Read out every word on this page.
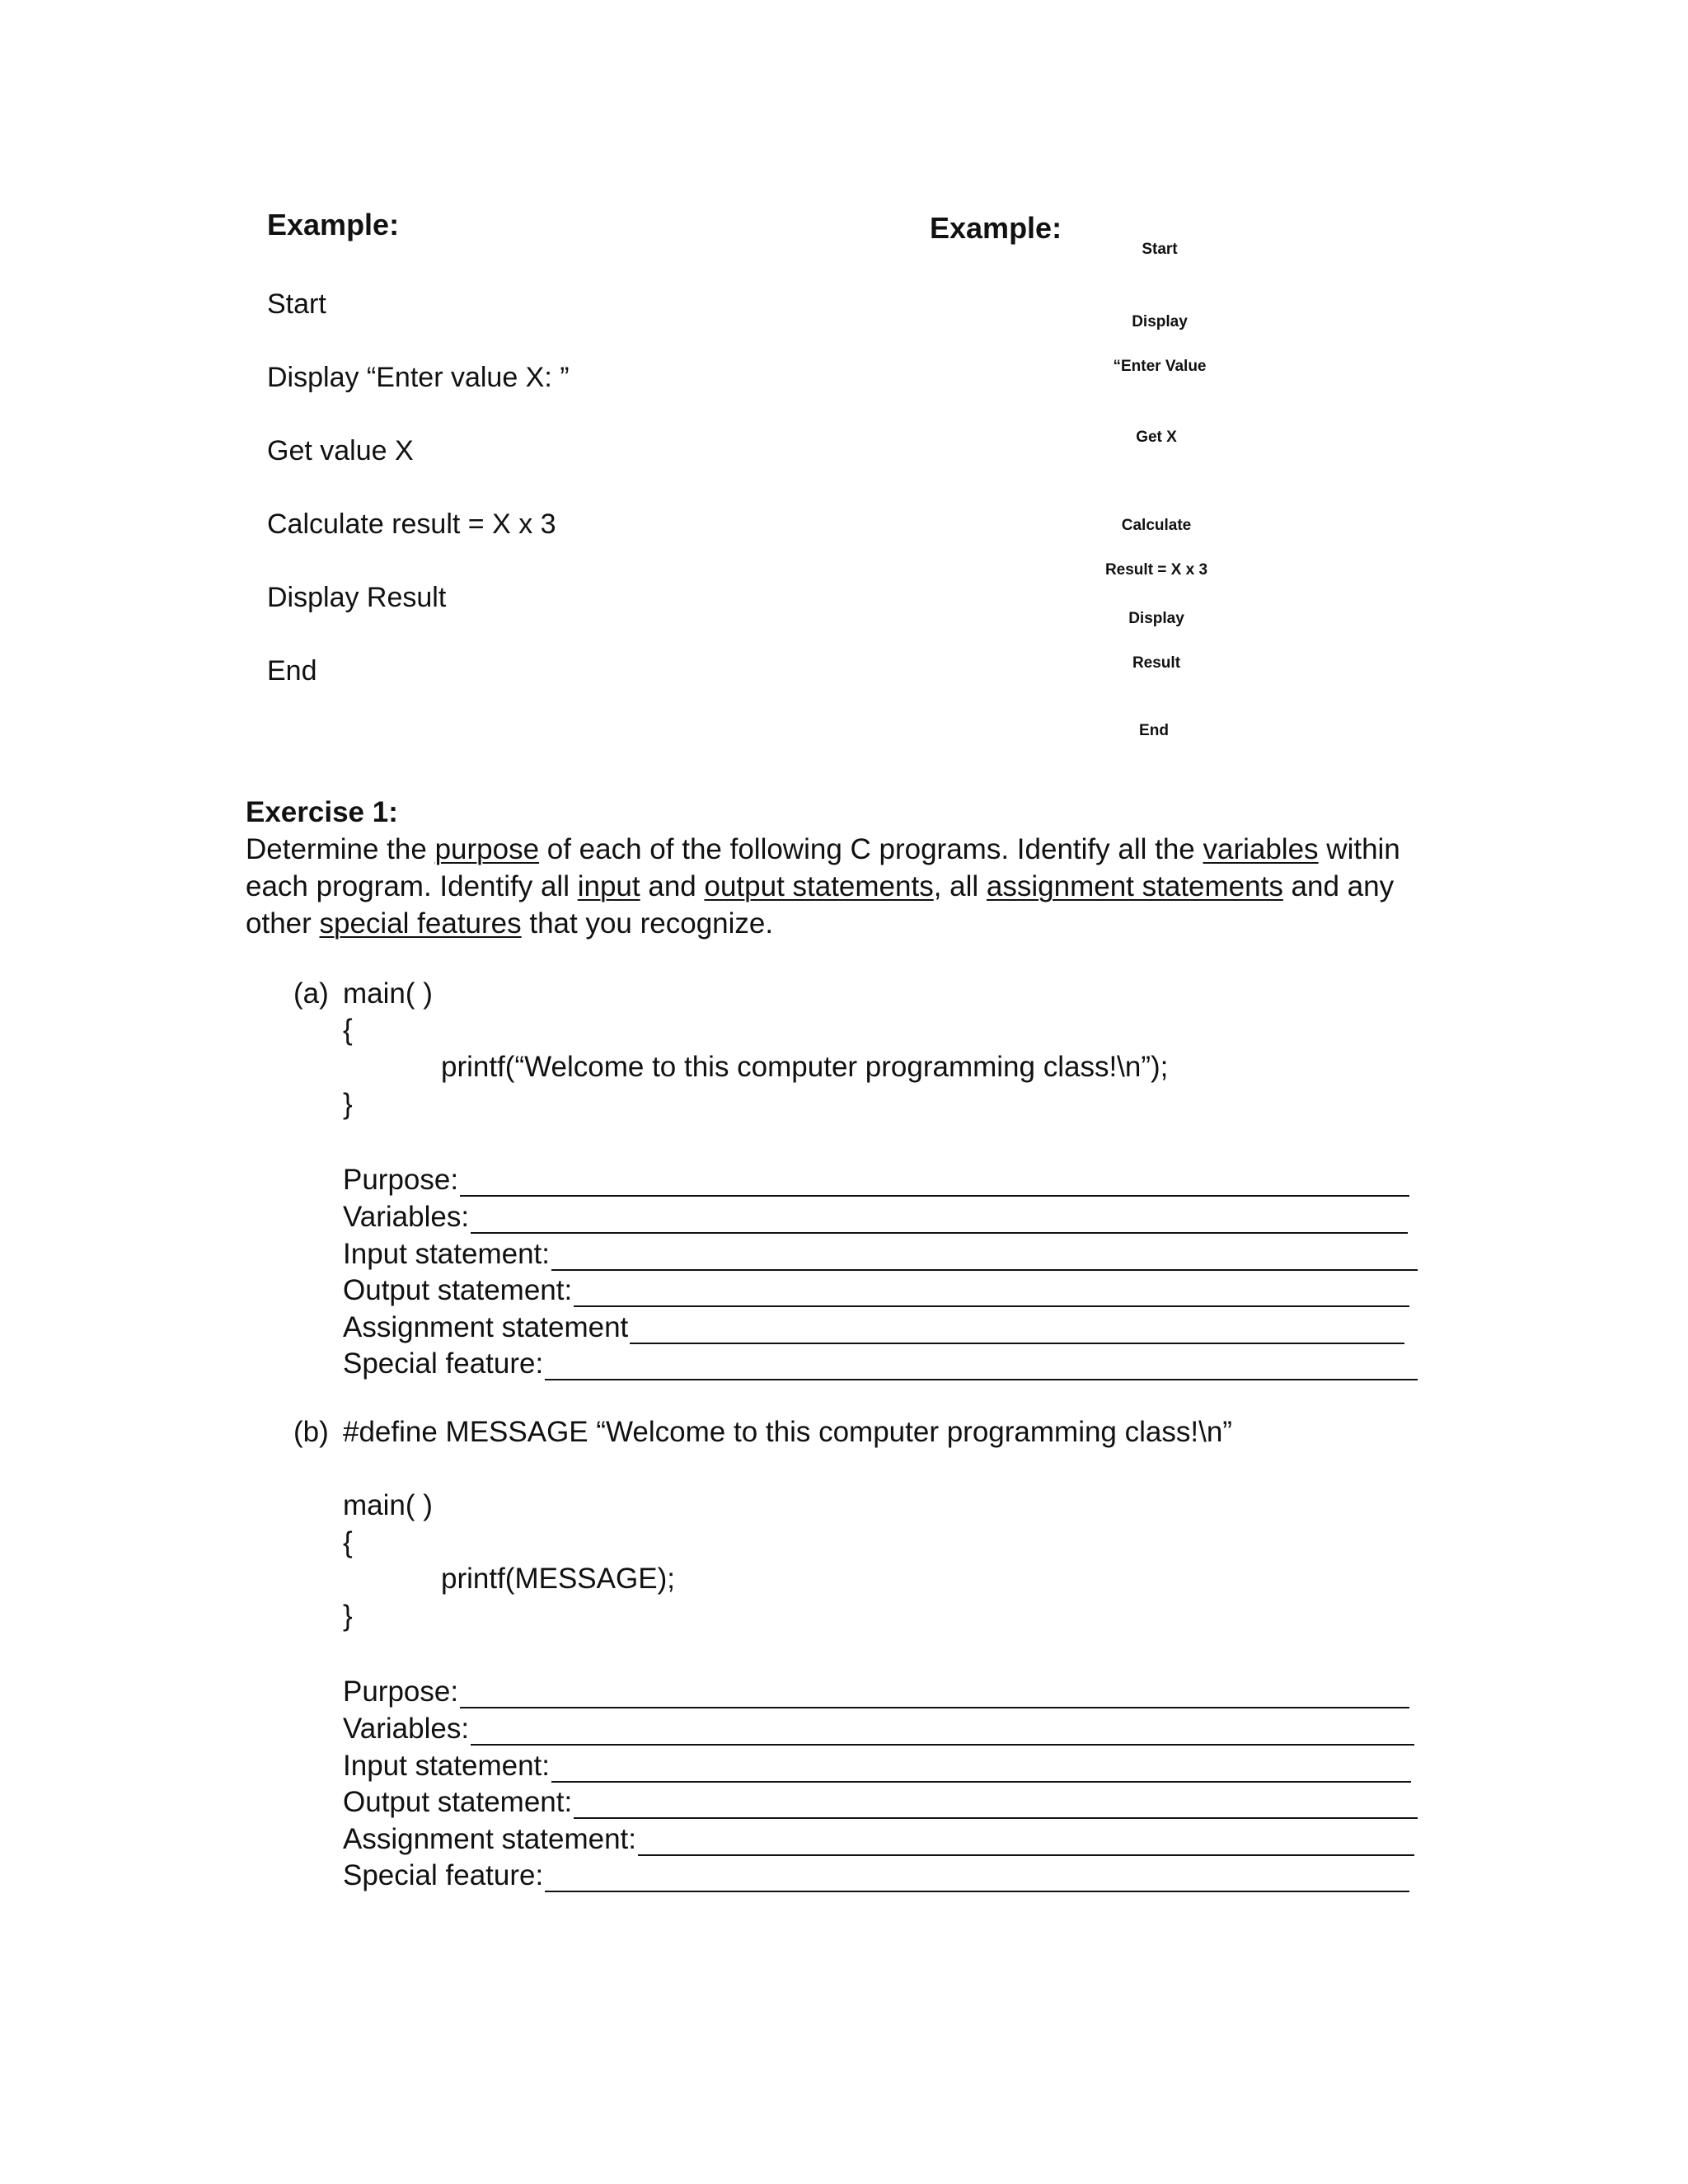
Example:
Start
Display “Enter value X: ”
Get value X
Calculate result = X x 3
Display Result
End
Example:
Start
Display
“Enter Value
Get X
Calculate
Result = X x 3
Display
Result
End
Exercise 1:
Determine the purpose of each of the following C programs. Identify all the variables within
each program. Identify all input and output statements, all assignment statements and any
other special features that you recognize.
(a) main( )
{
printf(“Welcome to this computer programming class!\n”);
}
Purpose:
Variables:
Input statement:
Output statement:
Assignment statement
Special feature:
(b) #define MESSAGE “Welcome to this computer programming class!\n”
main( )
{
printf(MESSAGE);
}
Purpose:
Variables:
Input statement:
Output statement:
Assignment statement:
Special feature:
